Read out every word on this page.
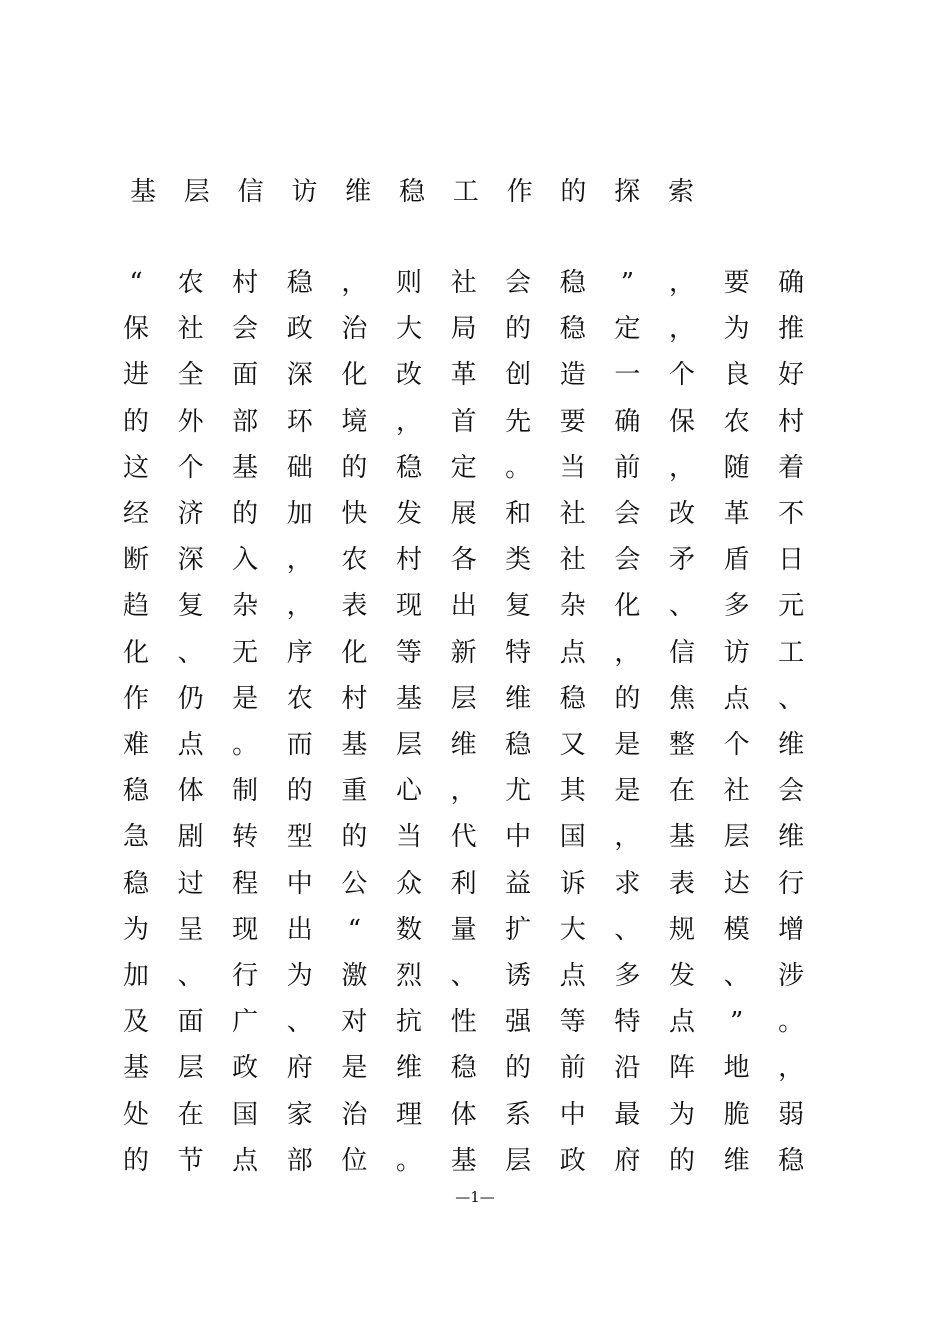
基 层 信 访 维 稳 工 作 的 探 索
“	农	村	稳	，	则	社	会	稳	”	，	要	确
保	社	会	政	治	大	局	的	稳	定	，	为	推
进	全	面	深	化	改	革	创	造	一	个	良	好
的	外	部	环	境	，	首	先	要	确	保	农	村
这	个	基	础	的	稳	定	。	当	前	，	随	着
经	济	的	加	快	发	展	和	社	会	改	革	不
断	深	入	，	农	村	各	类	社	会	矛	盾	日
趋	复	杂	，	表	现	出	复	杂	化	、	多	元
化	、	无	序	化	等	新	特	点	，	信	访	工
作	仍	是	农	村	基	层	维	稳	的	焦	点	、
难	点	。	而	基	层	维	稳	又	是	整	个	维
稳	体	制	的	重	心	，	尤	其	是	在	社	会
急	剧	转	型	的	当	代	中	国	，	基	层	维
稳	过	程	中	公	众	利	益	诉	求	表	达	行
为	呈	现	出	“	数	量	扩	大	、	规	模	增
加	、	行	为	激	烈	、	诱	点	多	发	、	涉
及	面	广	、	对	抗	性	强	等	特	点	”	。
基	层	政	府	是	维	稳	的	前	沿	阵	地	，
处	在	国	家	治	理	体	系	中	最	为	脆	弱
的	节	点	部	位	。	基	层	政	府	的	维	稳
—1—
